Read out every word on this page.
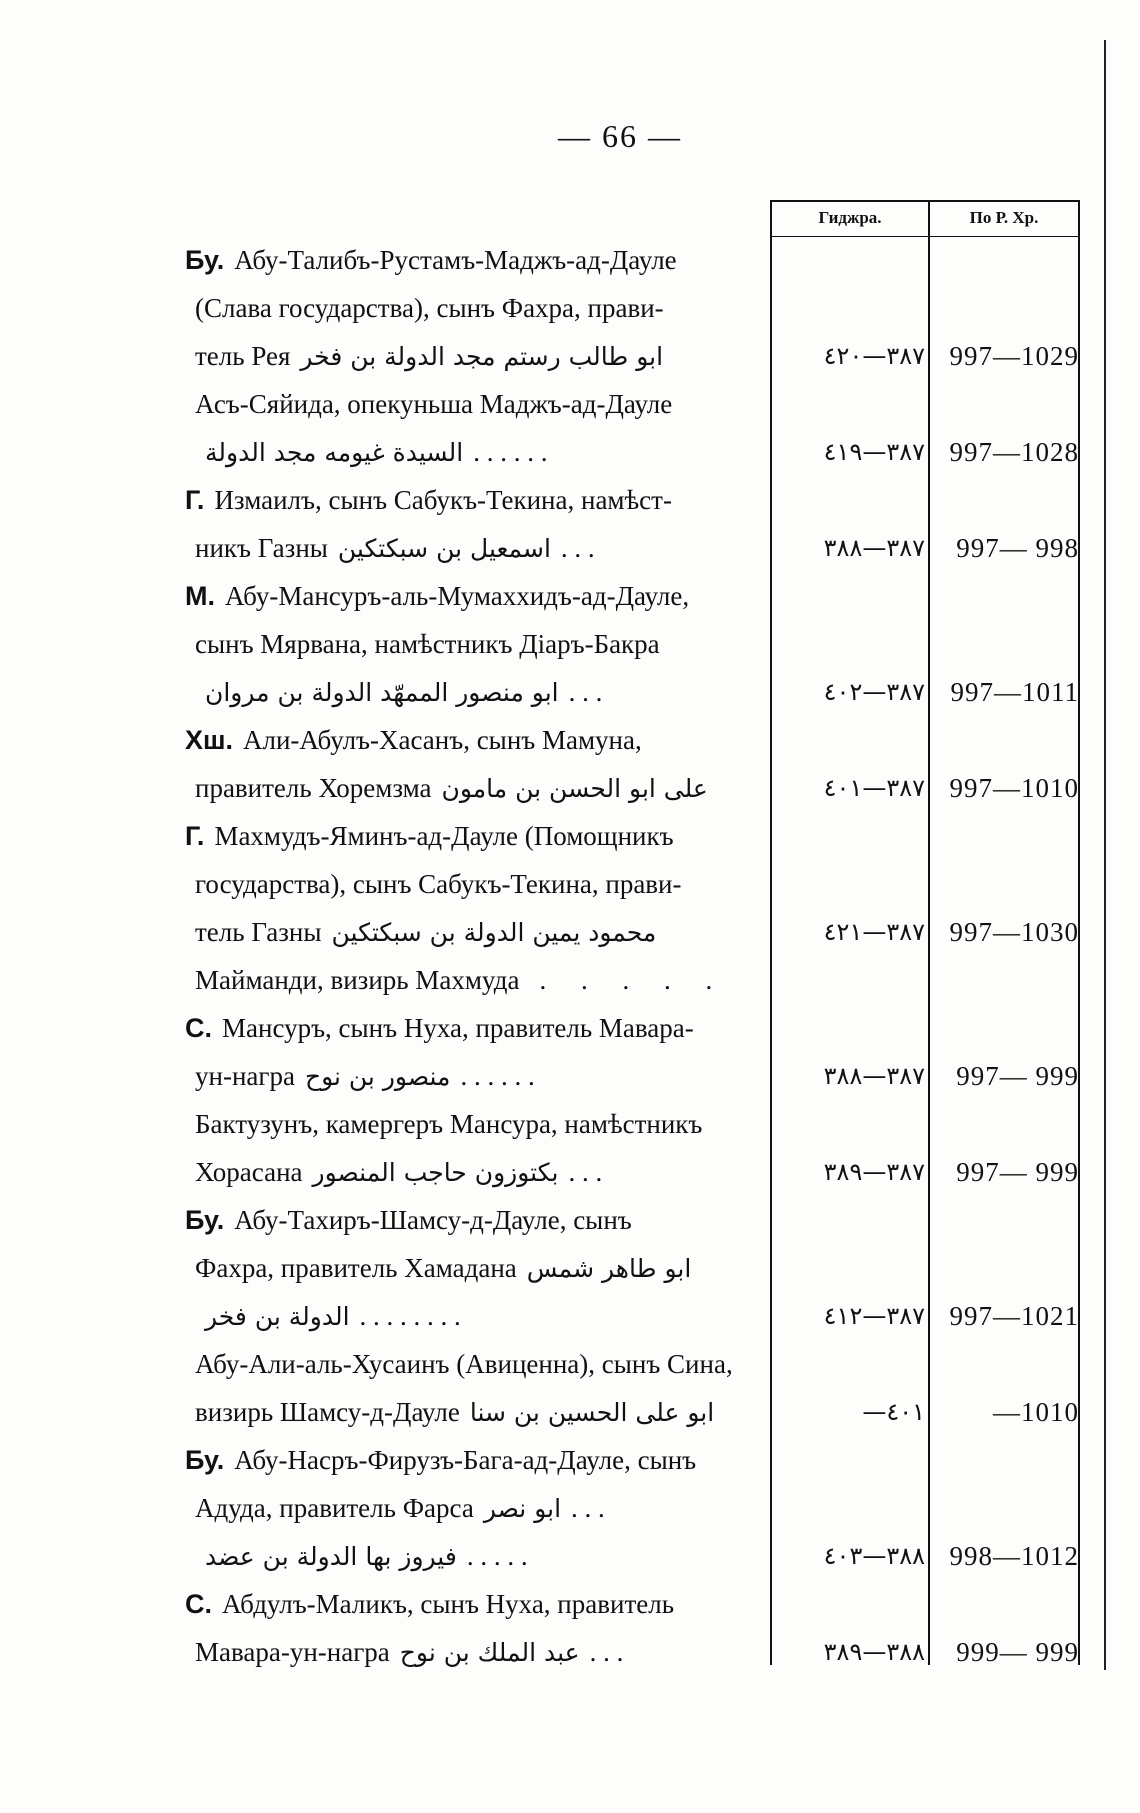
— 66 —
Гиджра.	По Р. Хр.
Бу. Абу-Талибъ-Рустамъ-Маджъ-ад-Дауле
(Слава государства), сынъ Фахра, прави-
тель Рея ابو طالب رستم مجد الدولة بن فخر	٣٨٧—٤٢٠ 997—1029
Асъ-Сяйида, опекуньша Маджъ-ад-Дауле
السيدة غيومه مجد الدولة . . . . . .	٣٨٧—٤١٩ 997—1028
Г. Измаилъ, сынъ Сабукъ-Текина, намѣст-
никъ Газны اسمعيل بن سبكتكين . . .	٣٨٧—٣٨٨	997— 998
М. Абу-Мансуръ-аль-Мумаххидъ-ад-Дауле,
сынъ Мярвана, намѣстникъ Діаръ-Бакра
ابو منصور الممهّد الدولة بن مروان . . .	٣٨٧—٤٠٢ 997—1011
Хш. Али-Абулъ-Хасанъ, сынъ Мамуна,
правитель Хоремзма على ابو الحسن بن مامون	٣٨٧—٤٠١ 997—1010
Г. Махмудъ-Яминъ-ад-Дауле (Помощникъ
государства), сынъ Сабукъ-Текина, прави-
тель Газны محمود يمين الدولة بن سبكتكين	٣٨٧—٤٢١ 997—1030
Майманди, визирь Махмуда . . . . .
С. Мансуръ, сынъ Нуха, правитель Мавара-
ун-награ منصور بن نوح . . . . . .	٣٨٧—٣٨٨	997— 999
Бактузунъ, камергеръ Мансура, намѣстникъ
Хорасана بكتوزون حاجب المنصور . . .	٣٨٧—٣٨٩	997— 999
Бу. Абу-Тахиръ-Шамсу-д-Дауле, сынъ
Фахра, правитель Хамадана ابو طاهر شمس
الدولة بن فخر . . . . . . . .	٣٨٧—٤١٢ 997—1021
Абу-Али-аль-Хусаинъ (Авиценна), сынъ Сина,
визирь Шамсу-д-Дауле ابو على الحسين بن سنا	—٤٠١	—1010
Бу. Абу-Насръ-Фирузъ-Бага-ад-Дауле, сынъ
Адуда, правитель Фарса ابو نصر . . .
فيروز بها الدولة بن عضد . . . . .	٣٨٨—٤٠٣ 998—1012
С. Абдулъ-Маликъ, сынъ Нуха, правитель
Мавара-ун-награ عبد الملك بن نوح . . .	٣٨٨—٣٨٩	999— 999
